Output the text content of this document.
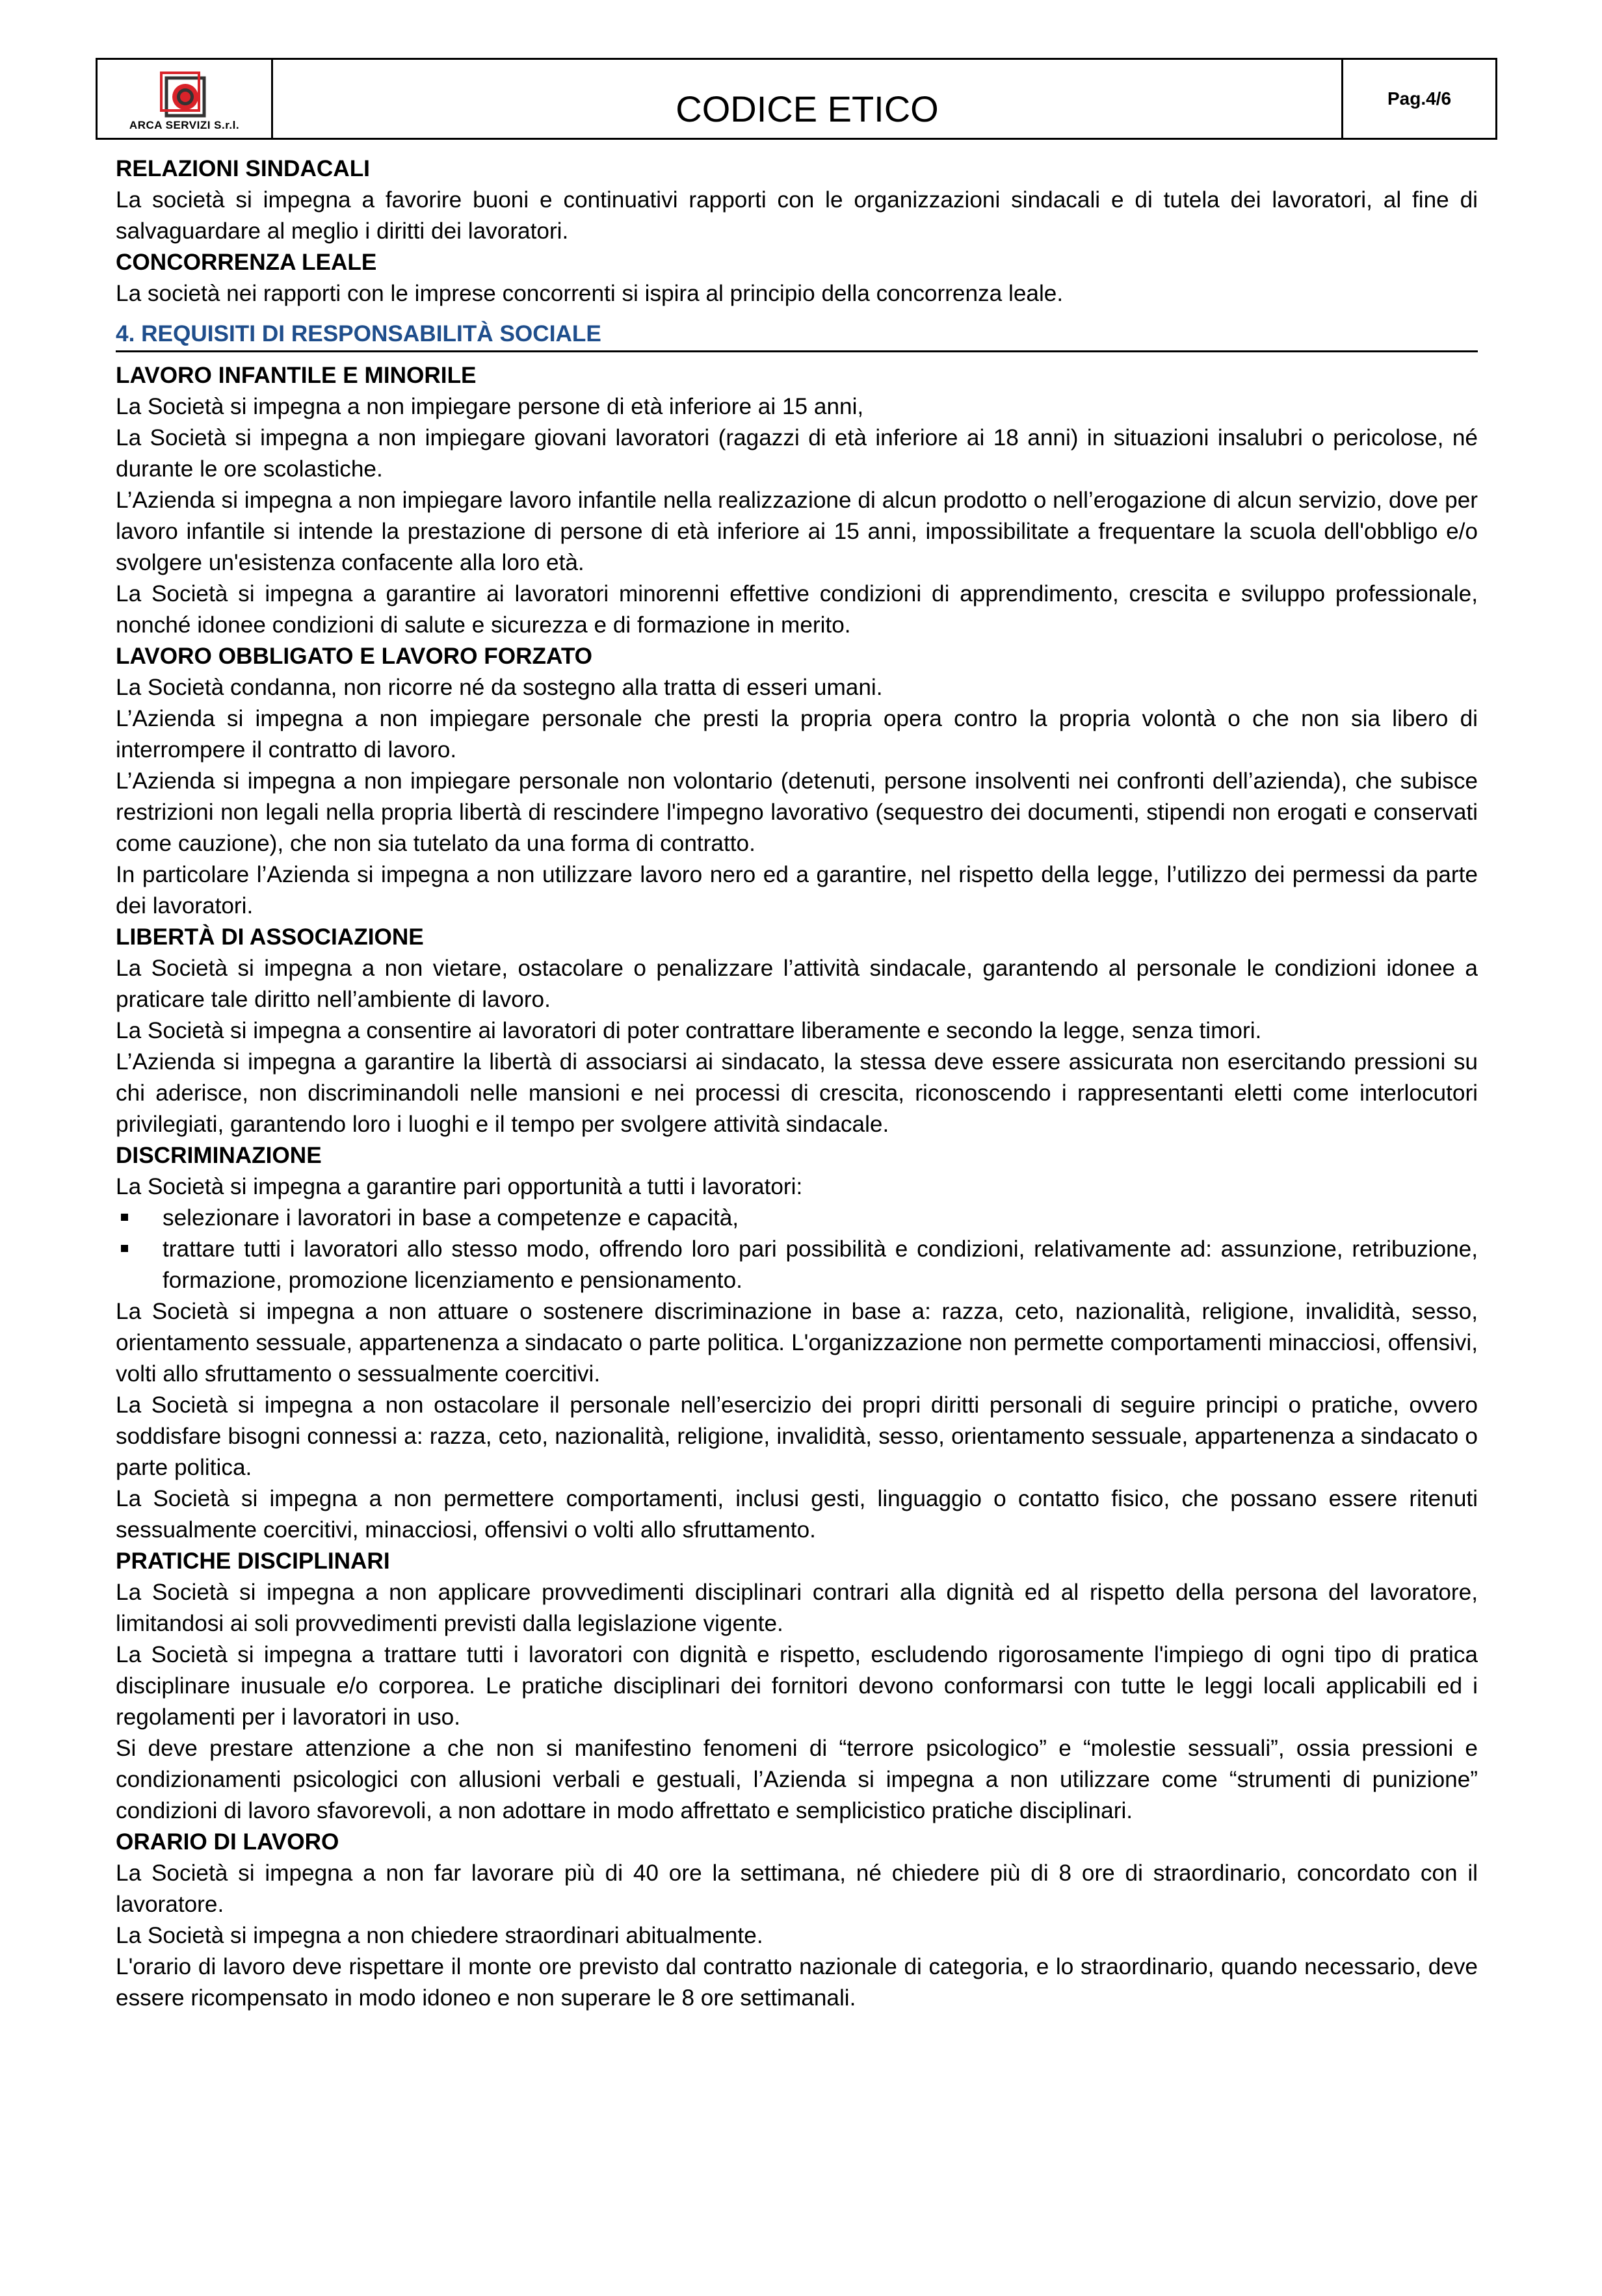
ARCA SERVIZI S.r.l.	CODICE ETICO	Pag.4/6
RELAZIONI SINDACALI

La società si impegna a favorire buoni e continuativi rapporti con le organizzazioni sindacali e di tutela dei lavoratori, al fine di salvaguardare al meglio i diritti dei lavoratori.

CONCORRENZA LEALE

La società nei rapporti con le imprese concorrenti si ispira al principio della concorrenza leale.

4. REQUISITI DI RESPONSABILITÀ SOCIALE
LAVORO INFANTILE E MINORILE

La Società si impegna a non impiegare persone di età inferiore ai 15 anni,

La Società si impegna a non impiegare giovani lavoratori (ragazzi di età inferiore ai 18 anni) in situazioni insalubri o pericolose, né durante le ore scolastiche.

L’Azienda si impegna a non impiegare lavoro infantile nella realizzazione di alcun prodotto o nell’erogazione di alcun servizio, dove per lavoro infantile si intende la prestazione di persone di età inferiore ai 15 anni, impossibilitate a frequentare la scuola dell'obbligo e/o svolgere un'esistenza confacente alla loro età.

La Società si impegna a garantire ai lavoratori minorenni effettive condizioni di apprendimento, crescita e sviluppo professionale, nonché idonee condizioni di salute e sicurezza e di formazione in merito.

LAVORO OBBLIGATO E LAVORO FORZATO

La Società condanna, non ricorre né da sostegno alla tratta di esseri umani.

L’Azienda si impegna a non impiegare personale che presti la propria opera contro la propria volontà o che non sia libero di interrompere il contratto di lavoro.

L’Azienda si impegna a non impiegare personale non volontario (detenuti, persone insolventi nei confronti dell’azienda), che subisce restrizioni non legali nella propria libertà di rescindere l'impegno lavorativo (sequestro dei documenti, stipendi non erogati e conservati come cauzione), che non sia tutelato da una forma di contratto.

In particolare l’Azienda si impegna a non utilizzare lavoro nero ed a garantire, nel rispetto della legge, l’utilizzo dei permessi da parte dei lavoratori.

LIBERTÀ DI ASSOCIAZIONE

La Società si impegna a non vietare, ostacolare o penalizzare l’attività sindacale, garantendo al personale le condizioni idonee a praticare tale diritto nell’ambiente di lavoro.

La Società si impegna a consentire ai lavoratori di poter contrattare liberamente e secondo la legge, senza timori.

L’Azienda si impegna a garantire la libertà di associarsi ai sindacato, la stessa deve essere assicurata non esercitando pressioni su chi aderisce, non discriminandoli nelle mansioni e nei processi di crescita, riconoscendo i rappresentanti eletti come interlocutori privilegiati, garantendo loro i luoghi e il tempo per svolgere attività sindacale.

DISCRIMINAZIONE

La Società si impegna a garantire pari opportunità a tutti i lavoratori:

selezionare i lavoratori in base a competenze e capacità,
trattare tutti i lavoratori allo stesso modo, offrendo loro pari possibilità e condizioni, relativamente ad: assunzione, retribuzione, formazione, promozione licenziamento e pensionamento.

La Società si impegna a non attuare o sostenere discriminazione in base a: razza, ceto, nazionalità, religione, invalidità, sesso, orientamento sessuale, appartenenza a sindacato o parte politica. L'organizzazione non permette comportamenti minacciosi, offensivi, volti allo sfruttamento o sessualmente coercitivi.

La Società si impegna a non ostacolare il personale nell’esercizio dei propri diritti personali di seguire principi o pratiche, ovvero soddisfare bisogni connessi a: razza, ceto, nazionalità, religione, invalidità, sesso, orientamento sessuale, appartenenza a sindacato o parte politica.

La Società si impegna a non permettere comportamenti, inclusi gesti, linguaggio o contatto fisico, che possano essere ritenuti sessualmente coercitivi, minacciosi, offensivi o volti allo sfruttamento.

PRATICHE DISCIPLINARI

La Società si impegna a non applicare provvedimenti disciplinari contrari alla dignità ed al rispetto della persona del lavoratore, limitandosi ai soli provvedimenti previsti dalla legislazione vigente.

La Società si impegna a trattare tutti i lavoratori con dignità e rispetto, escludendo rigorosamente l'impiego di ogni tipo di pratica disciplinare inusuale e/o corporea. Le pratiche disciplinari dei fornitori devono conformarsi con tutte le leggi locali applicabili ed i regolamenti per i lavoratori in uso.

Si deve prestare attenzione a che non si manifestino fenomeni di “terrore psicologico” e “molestie sessuali”, ossia pressioni e condizionamenti psicologici con allusioni verbali e gestuali, l’Azienda si impegna a non utilizzare come “strumenti di punizione” condizioni di lavoro sfavorevoli, a non adottare in modo affrettato e semplicistico pratiche disciplinari.

ORARIO DI LAVORO

La Società si impegna a non far lavorare più di 40 ore la settimana, né chiedere più di 8 ore di straordinario, concordato con il lavoratore.

La Società si impegna a non chiedere straordinari abitualmente.

L'orario di lavoro deve rispettare il monte ore previsto dal contratto nazionale di categoria, e lo straordinario, quando necessario, deve essere ricompensato in modo idoneo e non superare le 8 ore settimanali.
